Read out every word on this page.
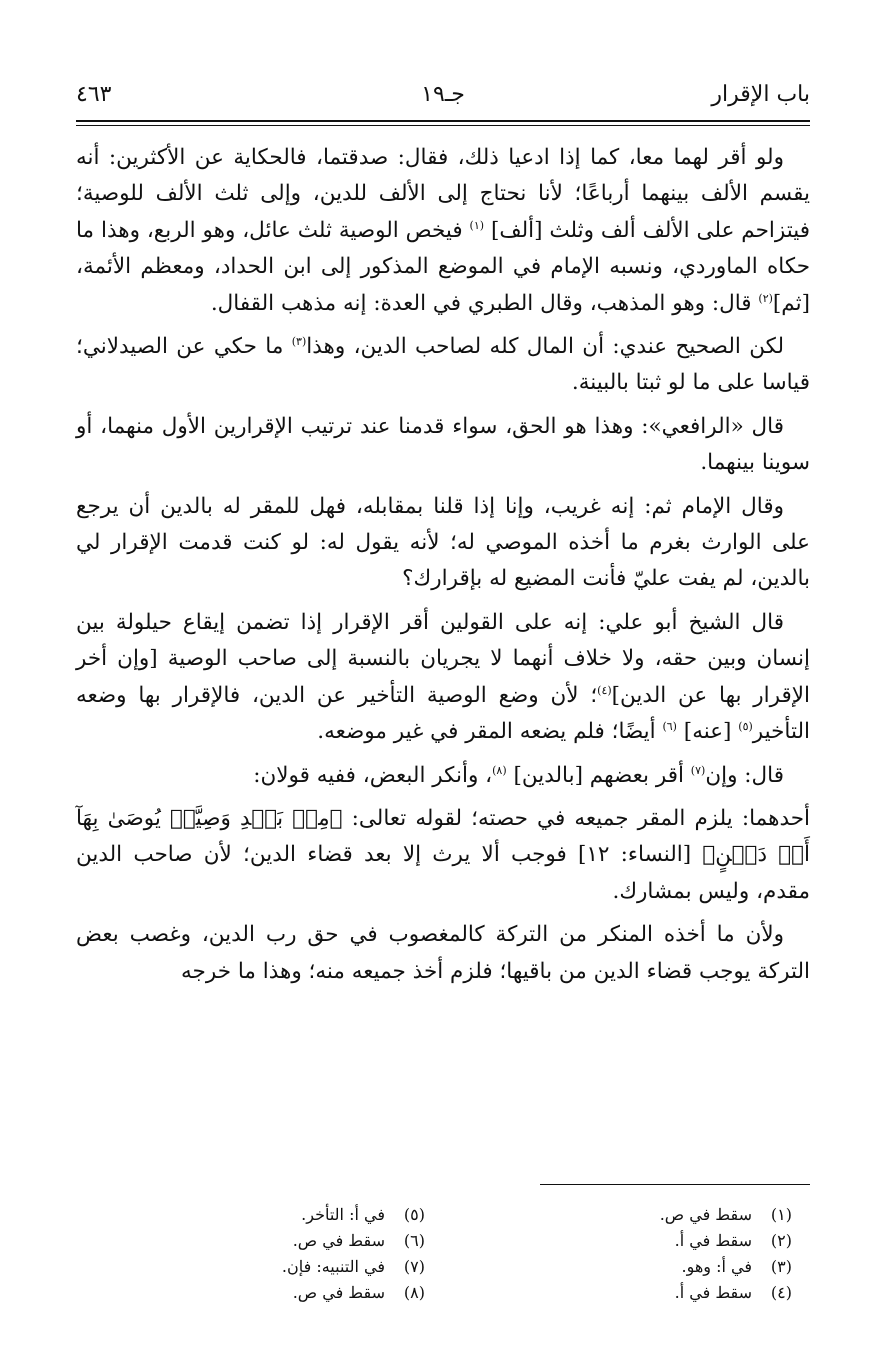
باب الإقرار
جـ١٩
٤٦٣

ولو أقر لهما معا، كما إذا ادعيا ذلك، فقال: صدقتما، فالحكاية عن الأكثرين: أنه يقسم الألف بينهما أرباعًا؛ لأنا نحتاج إلى الألف للدين، وإلى ثلث الألف للوصية؛ فيتزاحم على الألف ألف وثلث [ألف] $^{(١)}$ فيخص الوصية ثلث عائل، وهو الربع، وهذا ما حكاه الماوردي، ونسبه الإمام في الموضع المذكور إلى ابن الحداد، ومعظم الأئمة، [ثم]$^{(٢)}$ قال: وهو المذهب، وقال الطبري في العدة: إنه مذهب القفال.

لكن الصحيح عندي: أن المال كله لصاحب الدين، وهذا$^{(٣)}$ ما حكي عن الصيدلاني؛ قياسا على ما لو ثبتا بالبينة.

قال «الرافعي»: وهذا هو الحق، سواء قدمنا عند ترتيب الإقرارين الأول منهما، أو سوينا بينهما.

وقال الإمام ثم: إنه غريب، وإنا إذا قلنا بمقابله، فهل للمقر له بالدين أن يرجع على الوارث بغرم ما أخذه الموصي له؛ لأنه يقول له: لو كنت قدمت الإقرار لي بالدين، لم يفت عليّ فأنت المضيع له بإقرارك؟

قال الشيخ أبو علي: إنه على القولين أقر الإقرار إذا تضمن إيقاع حيلولة بين إنسان وبين حقه، ولا خلاف أنهما لا يجريان بالنسبة إلى صاحب الوصية [وإن أخر الإقرار بها عن الدين]$^{(٤)}$؛ لأن وضع الوصية التأخير عن الدين، فالإقرار بها وضعه التأخير$^{(٥)}$ [عنه] $^{(٦)}$ أيضًا؛ فلم يضعه المقر في غير موضعه.

قال: وإن$^{(٧)}$ أقر بعضهم [بالدين] $^{(٨)}$، وأنكر البعض، ففيه قولان:

أحدهما: يلزم المقر جميعه في حصته؛ لقوله تعالى: ﴿مِنۢ بَعۡدِ وَصِيَّةٖ يُوصَىٰ بِهَآ أَوۡ دَيۡنٍ﴾ [النساء: ١٢] فوجب ألا يرث إلا بعد قضاء الدين؛ لأن صاحب الدين مقدم، وليس بمشارك.

ولأن ما أخذه المنكر من التركة كالمغصوب في حق رب الدين، وغصب بعض التركة يوجب قضاء الدين من باقيها؛ فلزم أخذ جميعه منه؛ وهذا ما خرجه

(١)سقط في ص.
(٢)سقط في أ.
(٣)في أ: وهو.
(٤)سقط في أ.
(٥)في أ: التأخر.
(٦)سقط في ص.
(٧)في التنبيه: فإن.
(٨)سقط في ص.
